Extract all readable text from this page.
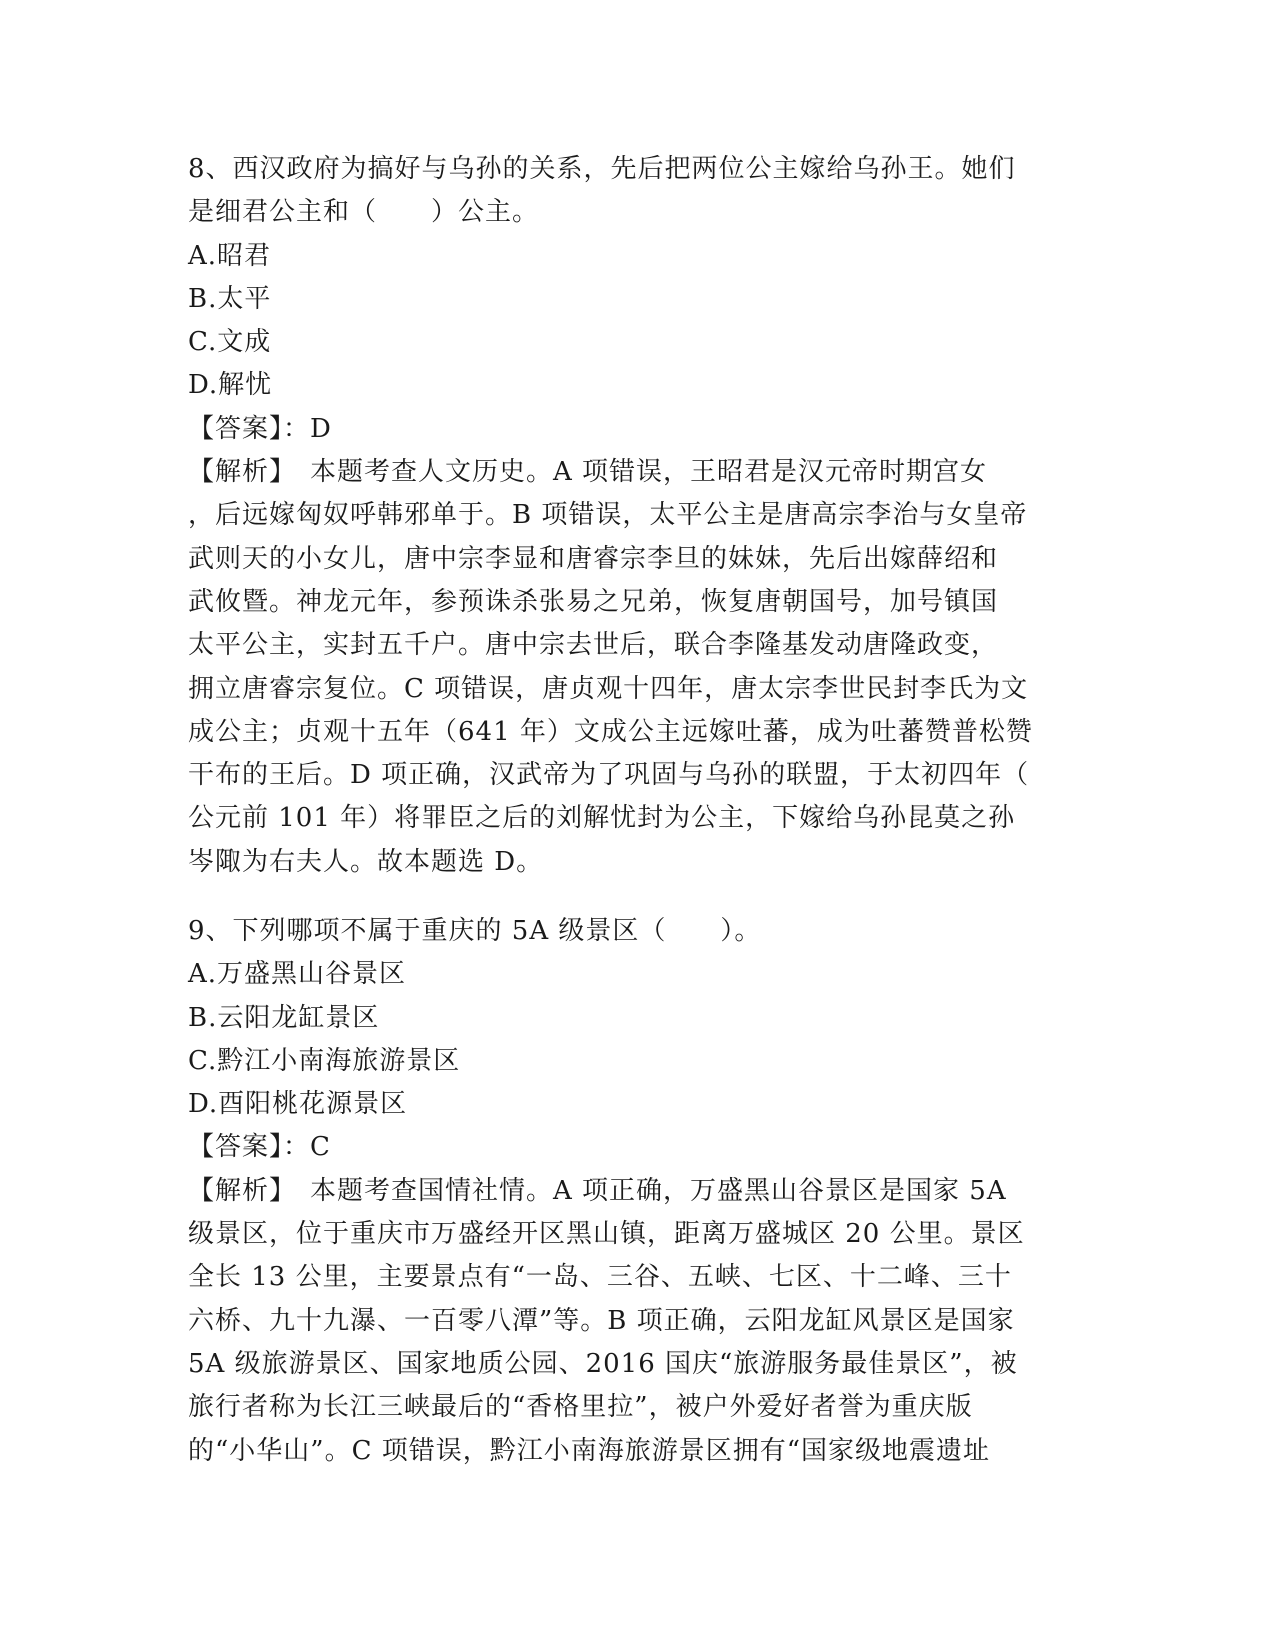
8、西汉政府为搞好与乌孙的关系，先后把两位公主嫁给乌孙王。她们
是细君公主和（　　）公主。
A.昭君
B.太平
C.文成
D.解忧
【答案】：D
【解析】　本题考查人文历史。A 项错误，王昭君是汉元帝时期宫女
，后远嫁匈奴呼韩邪单于。B 项错误，太平公主是唐高宗李治与女皇帝
武则天的小女儿，唐中宗李显和唐睿宗李旦的妹妹，先后出嫁薛绍和
武攸暨。神龙元年，参预诛杀张易之兄弟，恢复唐朝国号，加号镇国
太平公主，实封五千户。唐中宗去世后，联合李隆基发动唐隆政变，
拥立唐睿宗复位。C 项错误，唐贞观十四年，唐太宗李世民封李氏为文
成公主；贞观十五年（641 年）文成公主远嫁吐蕃，成为吐蕃赞普松赞
干布的王后。D 项正确，汉武帝为了巩固与乌孙的联盟，于太初四年（
公元前 101 年）将罪臣之后的刘解忧封为公主，下嫁给乌孙昆莫之孙
岑陬为右夫人。故本题选 D。
9、下列哪项不属于重庆的 5A 级景区（　　）。
A.万盛黑山谷景区
B.云阳龙缸景区
C.黔江小南海旅游景区
D.酉阳桃花源景区
【答案】：C
【解析】　本题考查国情社情。A 项正确，万盛黑山谷景区是国家 5A
级景区，位于重庆市万盛经开区黑山镇，距离万盛城区 20 公里。景区
全长 13 公里，主要景点有“一岛、三谷、五峡、七区、十二峰、三十
六桥、九十九瀑、一百零八潭”等。B 项正确，云阳龙缸风景区是国家
5A 级旅游景区、国家地质公园、2016 国庆“旅游服务最佳景区”，被
旅行者称为长江三峡最后的“香格里拉”，被户外爱好者誉为重庆版
的“小华山”。C 项错误，黔江小南海旅游景区拥有“国家级地震遗址
